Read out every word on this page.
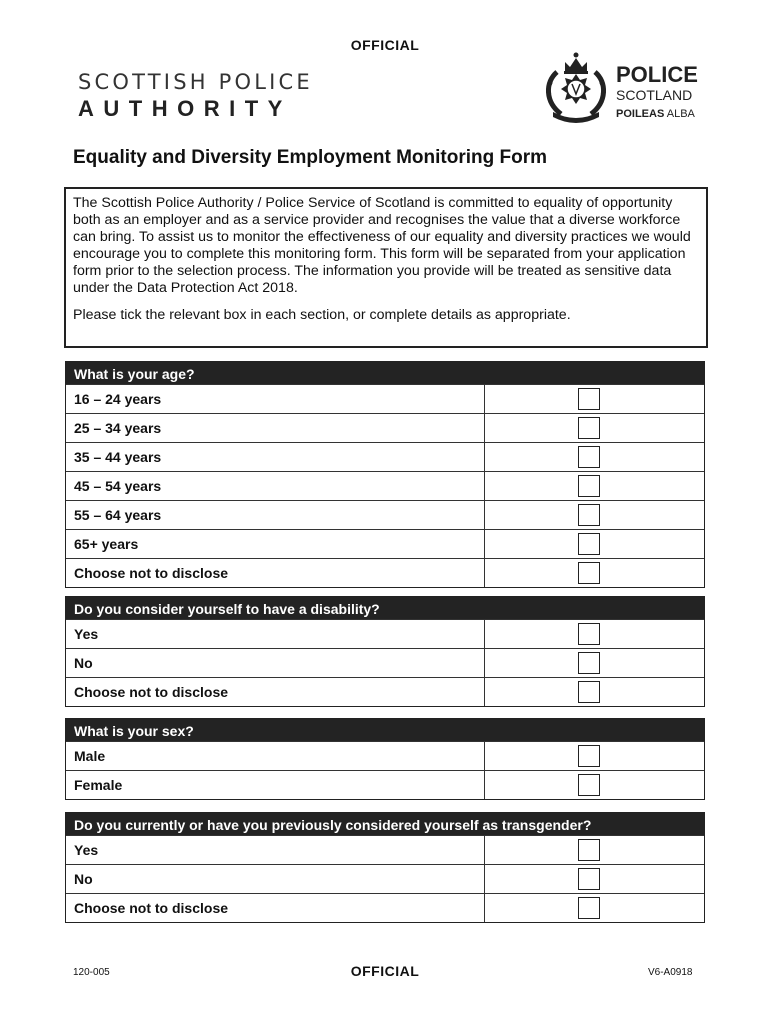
OFFICIAL
SCOTTISH POLICE
AUTHORITY
POLICE
SCOTLAND
POILEAS ALBA
Equality and Diversity Employment Monitoring Form

The Scottish Police Authority / Police Service of Scotland is committed to equality of opportunity both as an employer and as a service provider and recognises the value that a diverse workforce can bring. To assist us to monitor the effectiveness of our equality and diversity practices we would encourage you to complete this monitoring form. This form will be separated from your application form prior to the selection process. The information you provide will be treated as sensitive data under the Data Protection Act 2018.

Please tick the relevant box in each section, or complete details as appropriate.

What is your age?
16 – 24 years
25 – 34 years
35 – 44 years
45 – 54 years
55 – 64 years
65+ years
Choose not to disclose
Do you consider yourself to have a disability?
Yes
No
Choose not to disclose
What is your sex?
Male
Female
Do you currently or have you previously considered yourself as transgender?
Yes
No
Choose not to disclose
120-005	OFFICIAL	V6-A0918
